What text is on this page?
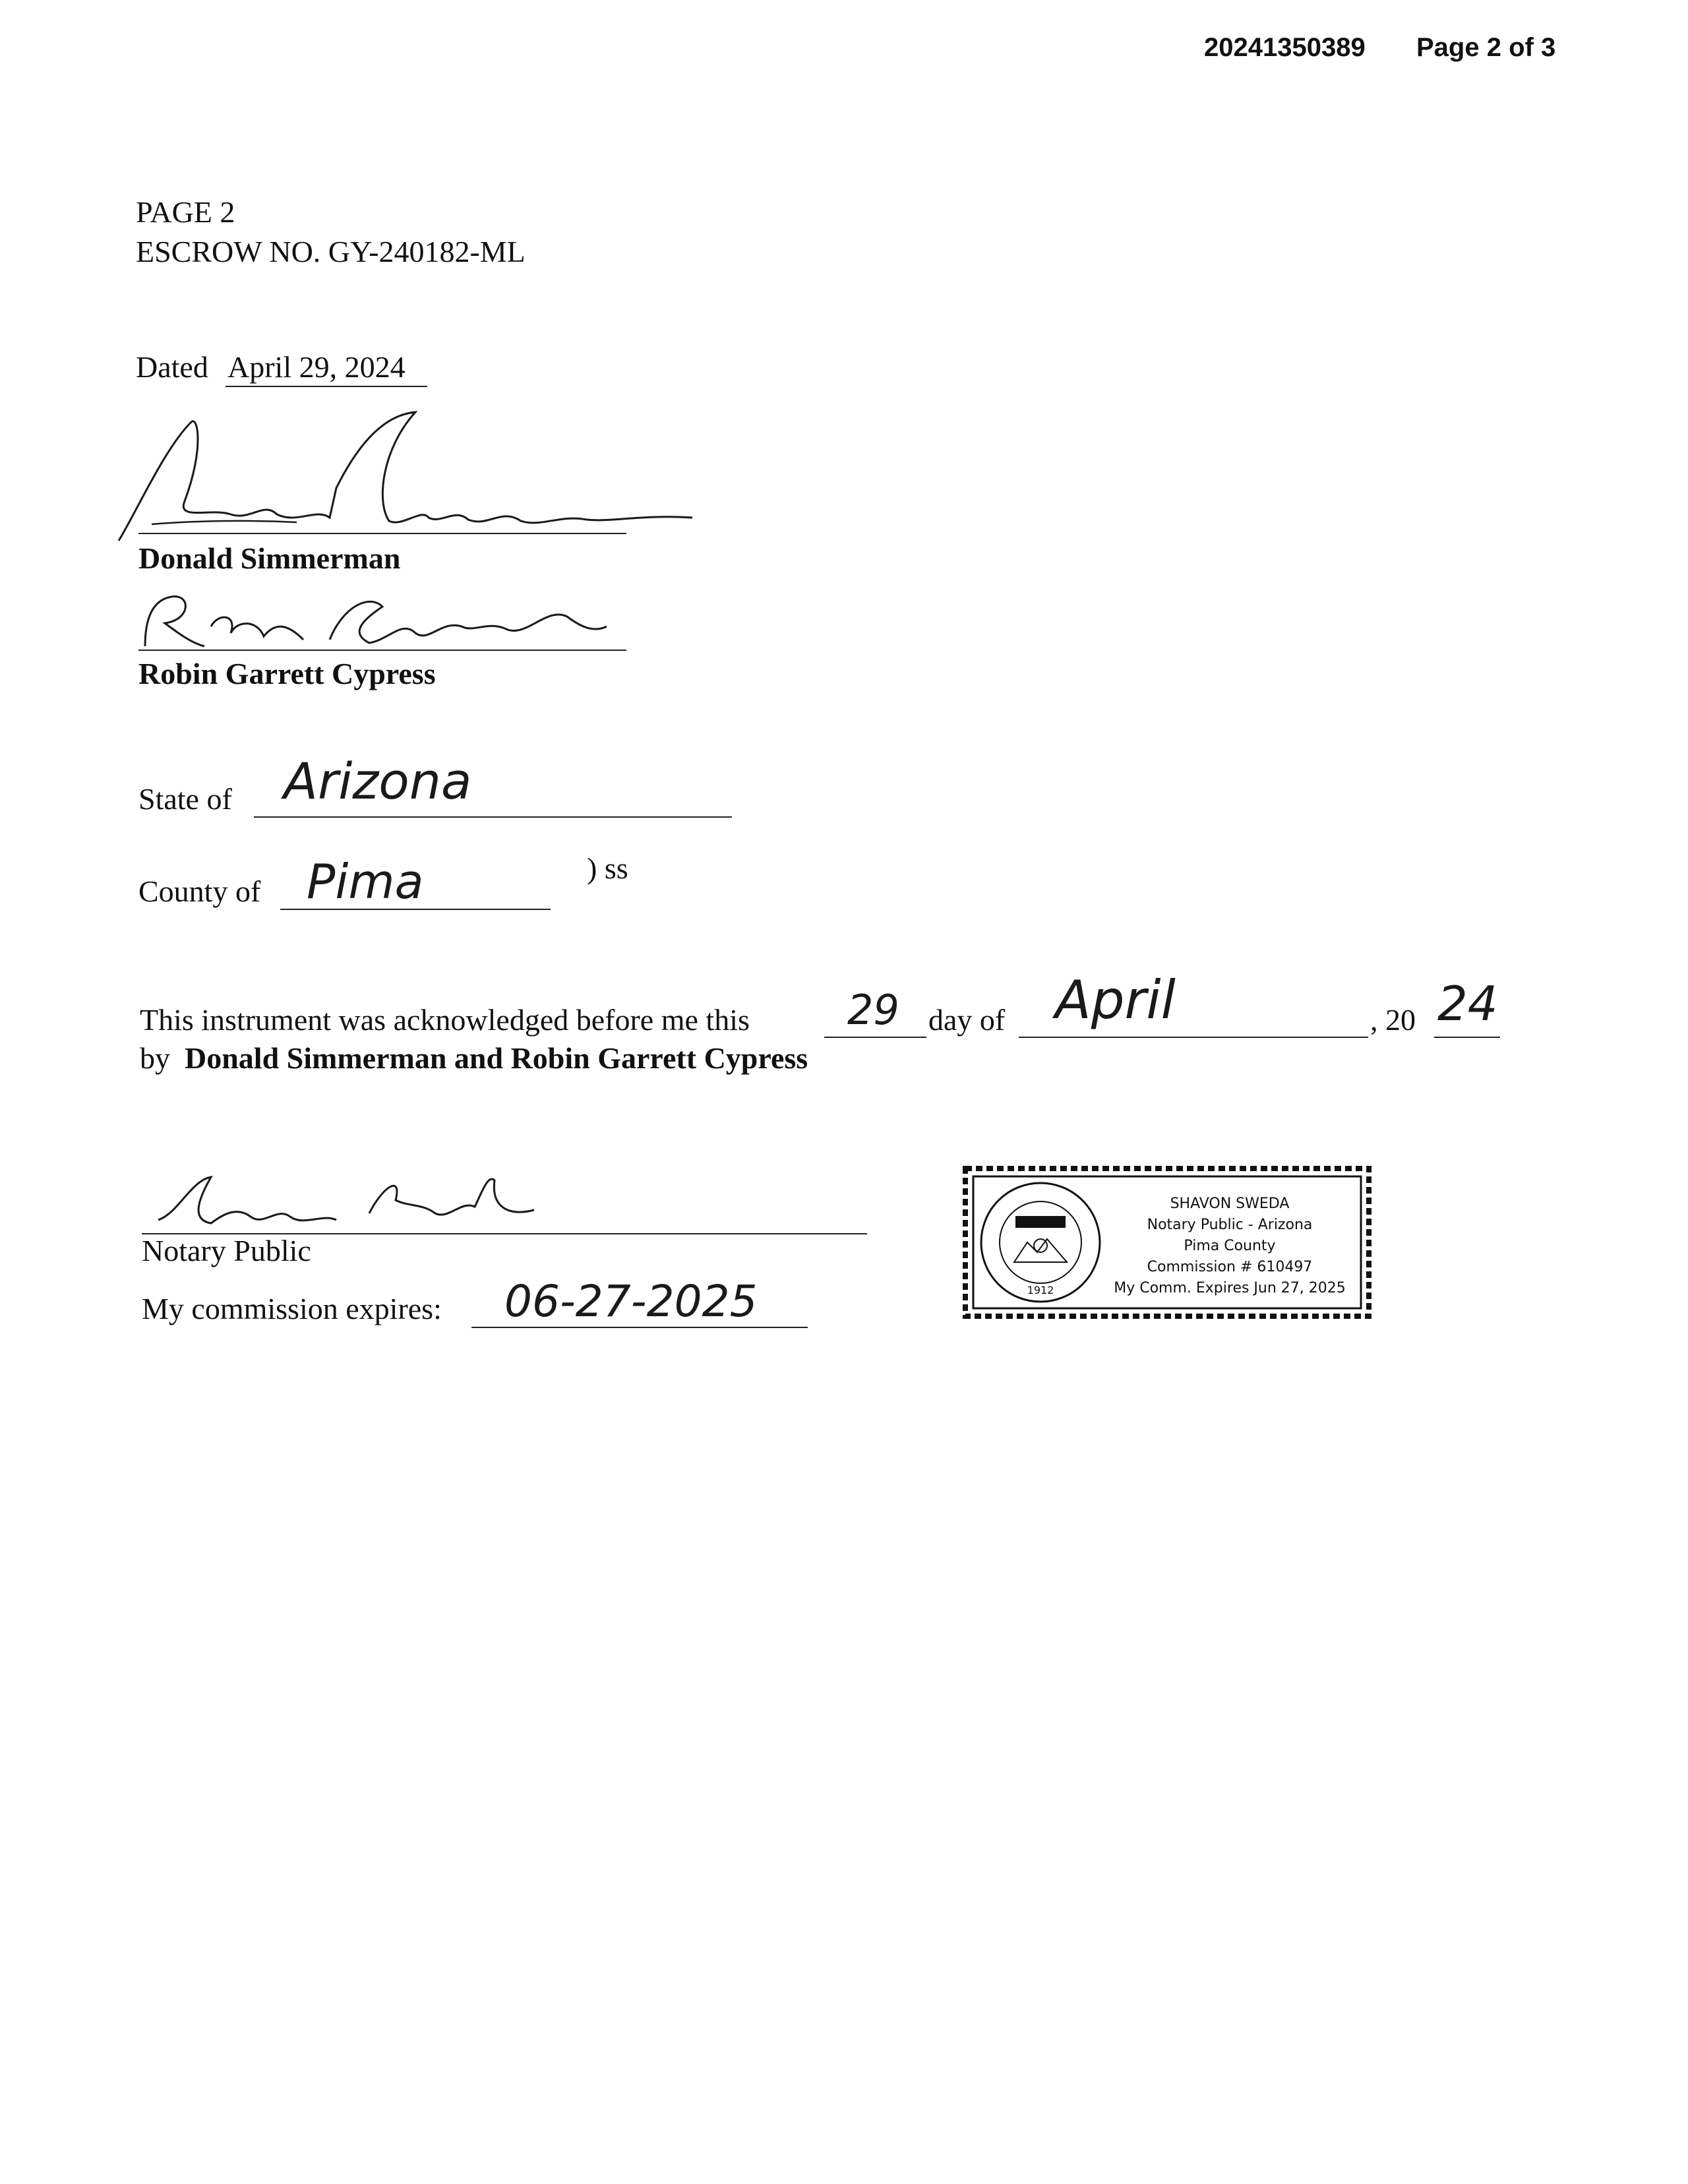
20241350389 Page 2 of 3
PAGE 2
ESCROW NO. GY-240182-ML
Dated April 29, 2024
Donald Simmerman
Robin Garrett Cypress
State of Arizona
County of Pima	) ss
This instrument was acknowledged before me this 29 day of April	, 20 24
by Donald Simmerman and Robin Garrett Cypress
Notary Public
My commission expires: 06-27-2025	1912
SHAVON SWEDA
Notary Public - Arizona
Pima County
Commission # 610497
My Comm. Expires Jun 27, 2025
